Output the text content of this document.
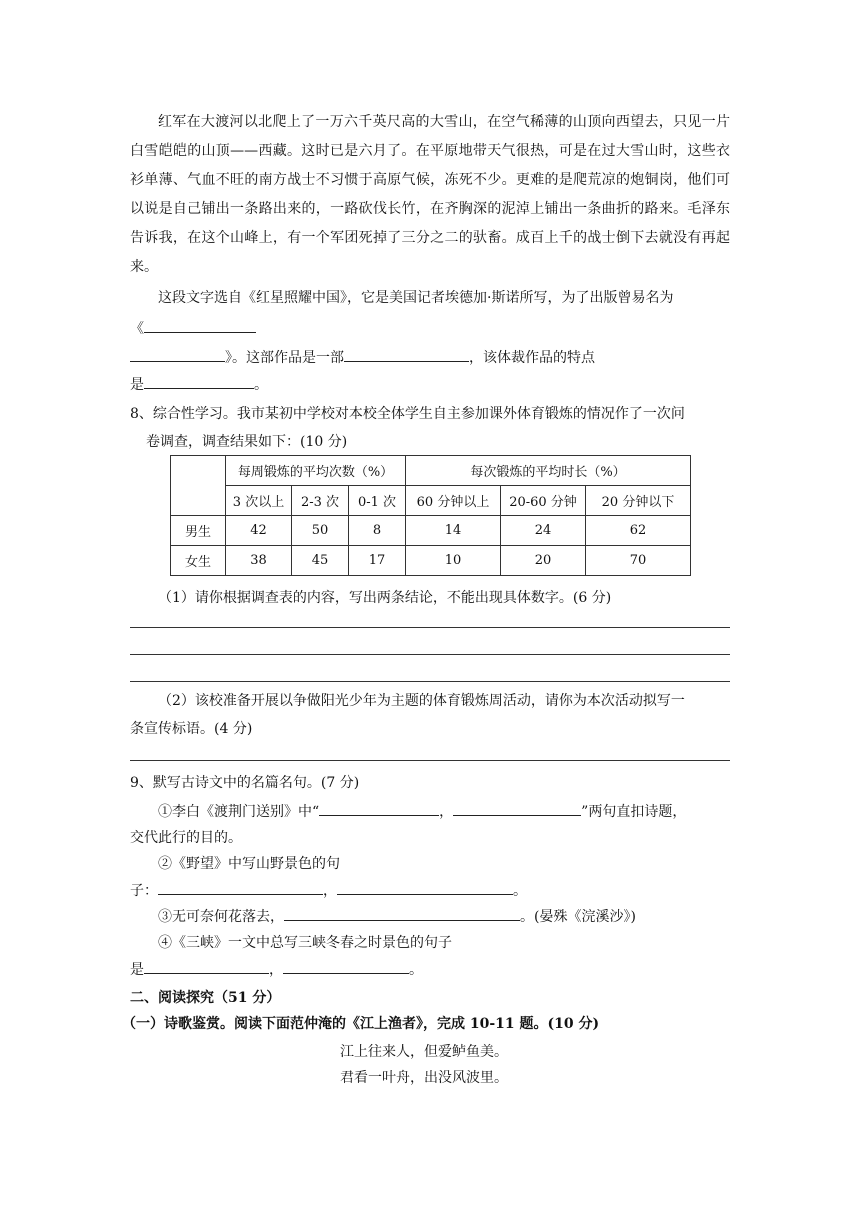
红军在大渡河以北爬上了一万六千英尺高的大雪山，在空气稀薄的山顶向西望去，只见一片白雪皑皑的山顶——西藏。这时已是六月了。在平原地带天气很热，可是在过大雪山时，这些衣衫单薄、气血不旺的南方战士不习惯于高原气候，冻死不少。更难的是爬荒凉的炮铜岗，他们可以说是自己铺出一条路出来的，一路砍伐长竹，在齐胸深的泥淖上铺出一条曲折的路来。毛泽东告诉我，在这个山峰上，有一个军团死掉了三分之二的驮畜。成百上千的战士倒下去就没有再起来。

这段文字选自《红星照耀中国》，它是美国记者埃德加·斯诺所写，为了出版曾易名为
《
》。这部作品是一部	，该体裁作品的特点
是	。
8、综合性学习。我市某初中学校对本校全体学生自主参加课外体育锻炼的情况作了一次问
卷调查，调查结果如下：(10 分)
	每周锻炼的平均次数（%）			每次锻炼的平均时长（%）		
	3 次以上	2-3 次	0-1 次	60 分钟以上	20-60 分钟	20 分钟以下
男生	42	50	8	14	24	62
女生	38	45	17	10	20	70
（1）请你根据调查表的内容，写出两条结论，不能出现具体数字。(6 分)
（2）该校准备开展以争做阳光少年为主题的体育锻炼周活动，请你为本次活动拟写一
条宣传标语。(4 分)
9、默写古诗文中的名篇名句。(7 分)
①李白《渡荆门送别》中“	，	”两句直扣诗题，
交代此行的目的。
②《野望》中写山野景色的句
子：	，	。
③无可奈何花落去，	。(晏殊《浣溪沙》)
④《三峡》一文中总写三峡冬春之时景色的句子
是	，	。
二、阅读探究（51 分）
（一）诗歌鉴赏。阅读下面范仲淹的《江上渔者》，完成 10-11 题。(10 分)
江上往来人，但爱鲈鱼美。
君看一叶舟，出没风波里。
